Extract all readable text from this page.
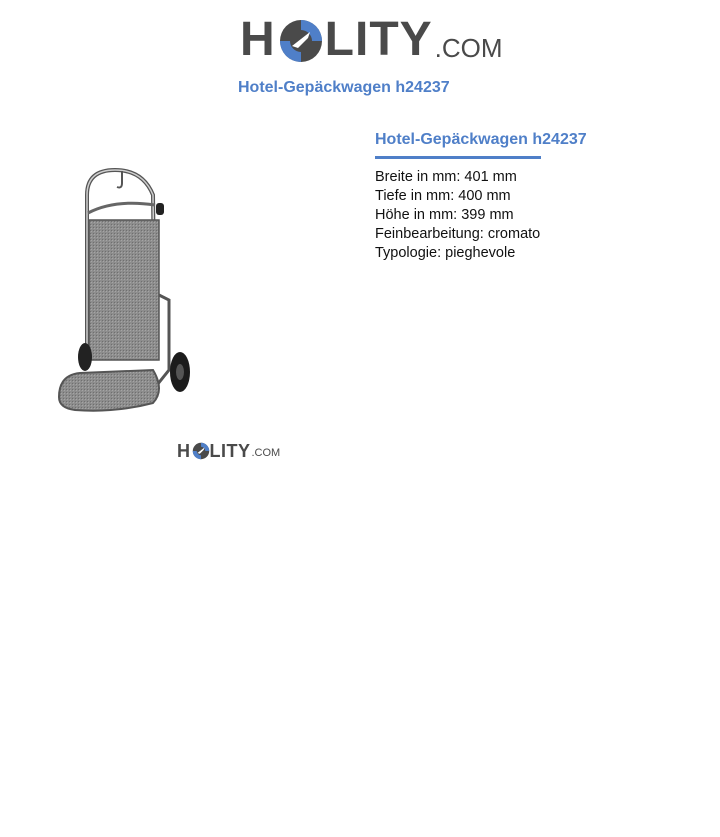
H LITY .COM
Hotel-Gepäckwagen h24237
H LITY .COM
Hotel-Gepäckwagen h24237

Breite in mm: 401 mm

Tiefe in mm: 400 mm

Höhe in mm: 399 mm

Feinbearbeitung: cromato

Typologie: pieghevole
